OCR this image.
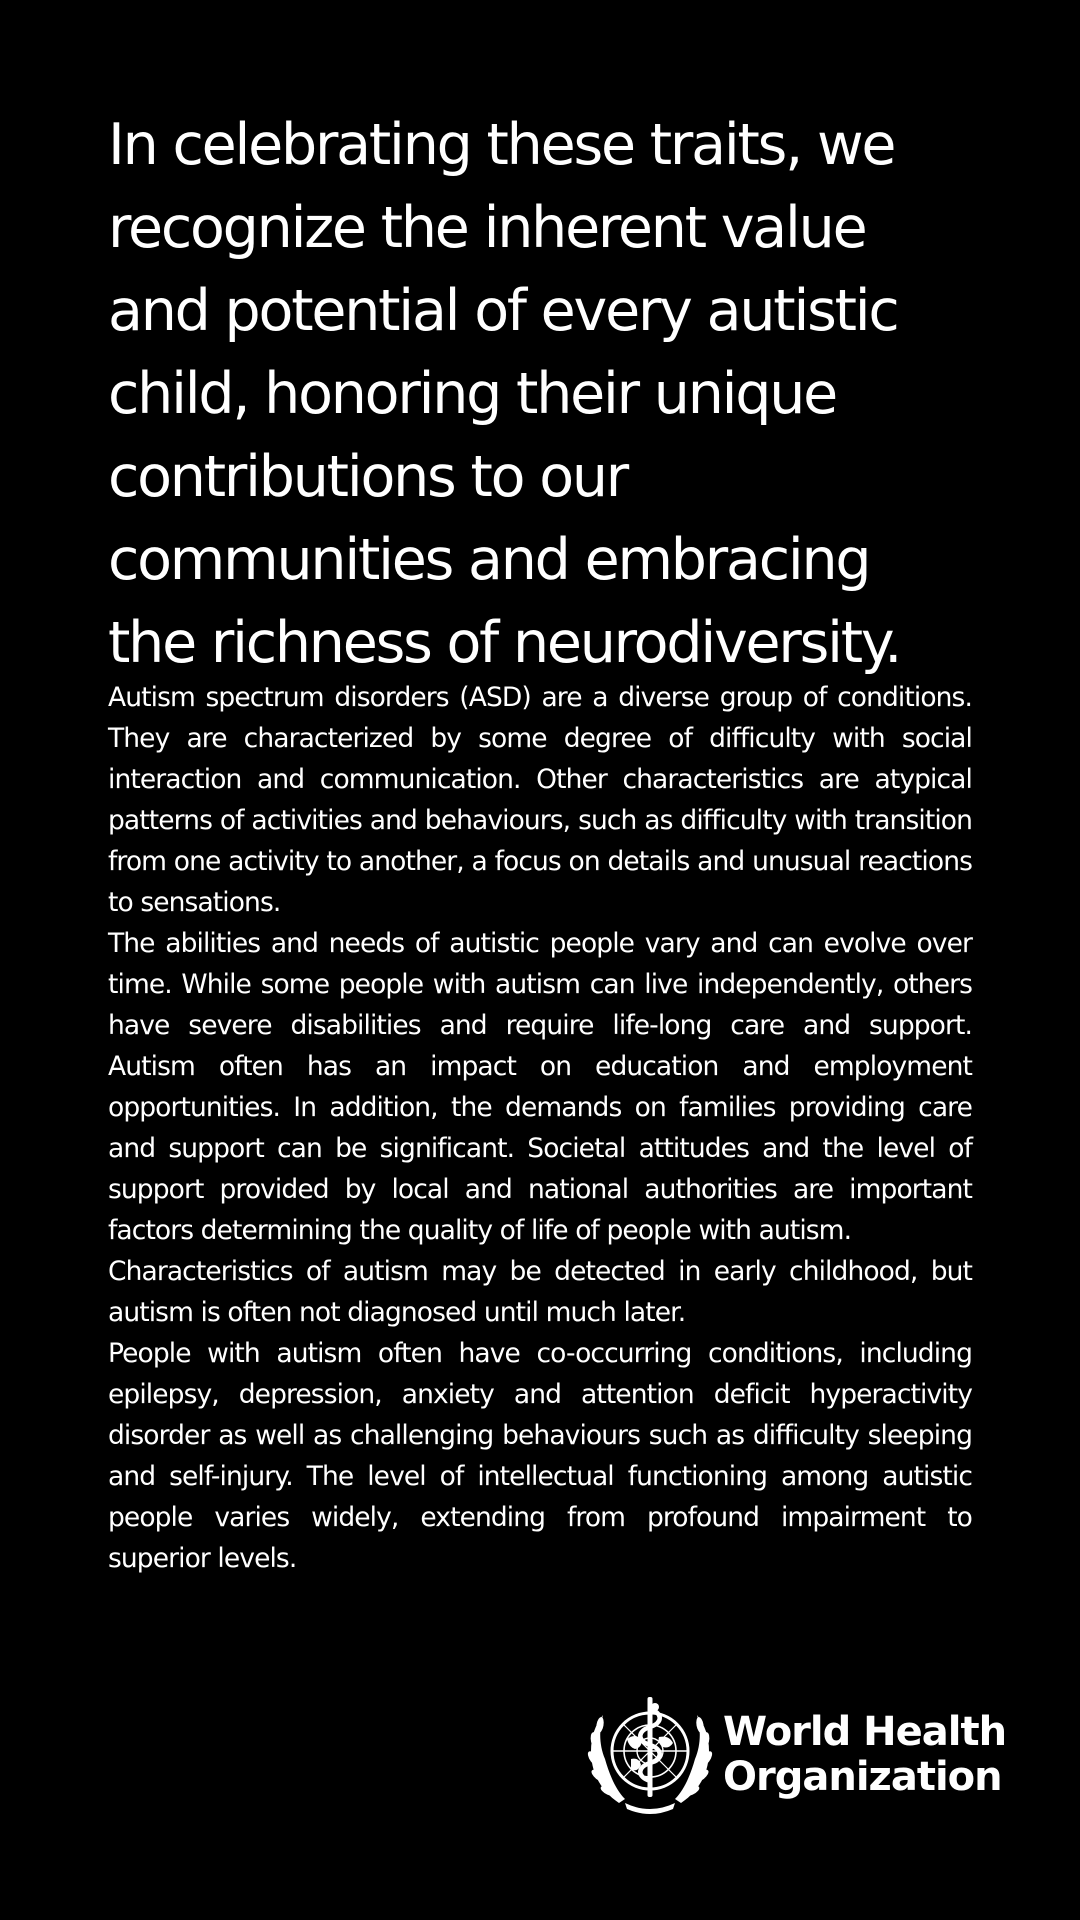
In celebrating these traits, we recognize the inherent value and potential of every autistic child, honoring their unique contributions to our communities and embracing the richness of neurodiversity.

Autism spectrum disorders (ASD) are a diverse group of conditions. They are characterized by some degree of difficulty with social interaction and communication. Other characteristics are atypical patterns of activities and behaviours, such as difficulty with transition from one activity to another, a focus on details and unusual reactions to sensations.

The abilities and needs of autistic people vary and can evolve over time. While some people with autism can live independently, others have severe disabilities and require life-long care and support. Autism often has an impact on education and employment opportunities. In addition, the demands on families providing care and support can be significant. Societal attitudes and the level of support provided by local and national authorities are important factors determining the quality of life of people with autism.

Characteristics of autism may be detected in early childhood, but autism is often not diagnosed until much later.

People with autism often have co-occurring conditions, including epilepsy, depression, anxiety and attention deficit hyperactivity disorder as well as challenging behaviours such as difficulty sleeping and self-injury. The level of intellectual functioning among autistic people varies widely, extending from profound impairment to superior levels.

World Health
Organization
